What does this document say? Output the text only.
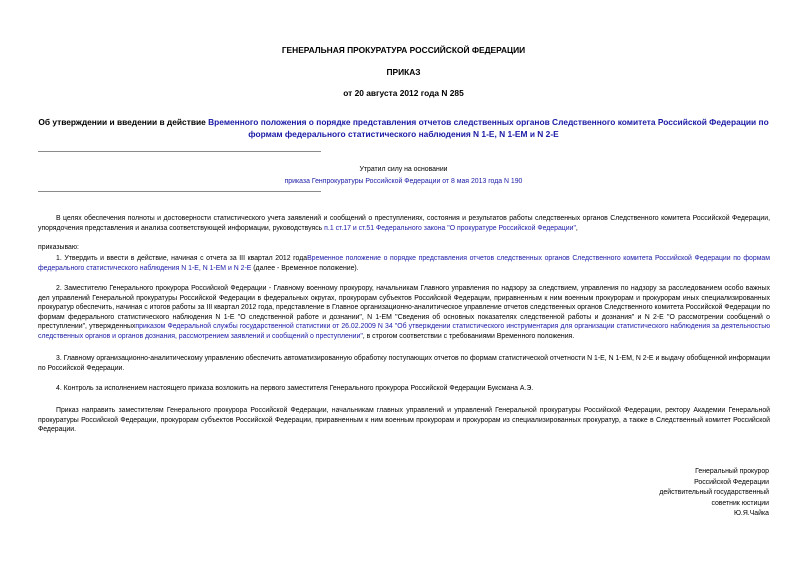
ГЕНЕРАЛЬНАЯ ПРОКУРАТУРА РОССИЙСКОЙ ФЕДЕРАЦИИ
ПРИКАЗ
от 20 августа 2012 года N 285
Об утверждении и введении в действие Временного положения о порядке представления отчетов следственных органов Следственного комитета Российской Федерации по формам федерального статистического наблюдения N 1-Е, N 1-ЕМ и N 2-Е
Утратил силу на основании
приказа Генпрокуратуры Российской Федерации от 8 мая 2013 года N 190
В целях обеспечения полноты и достоверности статистического учета заявлений и сообщений о преступлениях, состояния и результатов работы следственных органов Следственного комитета Российской Федерации, упорядочения представления и анализа соответствующей информации, руководствуясь п.1 ст.17 и ст.51 Федерального закона "О прокуратуре Российской Федерации",
приказываю:
1. Утвердить и ввести в действие, начиная с отчета за III квартал 2012 годаВременное положение о порядке представления отчетов следственных органов Следственного комитета Российской Федерации по формам федерального статистического наблюдения N 1-Е, N 1-ЕМ и N 2-Е (далее - Временное положение).
2. Заместителю Генерального прокурора Российской Федерации - Главному военному прокурору, начальникам Главного управления по надзору за следствием, управления по надзору за расследованием особо важных дел управлений Генеральной прокуратуры Российской Федерации в федеральных округах, прокурорам субъектов Российской Федерации, приравненным к ним военным прокурорам и прокурорам иных специализированных прокуратур обеспечить, начиная с итогов работы за III квартал 2012 года, представление в Главное организационно-аналитическое управление отчетов следственных органов Следственного комитета Российской Федерации по формам федерального статистического наблюдения N 1-Е "О следственной работе и дознании", N 1-ЕМ "Сведения об основных показателях следственной работы и дознания" и N 2-Е "О рассмотрении сообщений о преступлении", утвержденныхприказом Федеральной службы государственной статистики от 26.02.2009 N 34 "Об утверждении статистического инструментария для организации статистического наблюдения за деятельностью следственных органов и органов дознания, рассмотрением заявлений и сообщений о преступлении", в строгом соответствии с требованиями Временного положения.
3. Главному организационно-аналитическому управлению обеспечить автоматизированную обработку поступающих отчетов по формам статистической отчетности N 1-Е, N 1-ЕМ, N 2-Е и выдачу обобщенной информации по Российской Федерации.
4. Контроль за исполнением настоящего приказа возложить на первого заместителя Генерального прокурора Российской Федерации Буксмана А.Э.
Приказ направить заместителям Генерального прокурора Российской Федерации, начальникам главных управлений и управлений Генеральной прокуратуры Российской Федерации, ректору Академии Генеральной прокуратуры Российской Федерации, прокурорам субъектов Российской Федерации, приравненным к ним военным прокурорам и прокурорам из специализированных прокуратур, а также в Следственный комитет Российской Федерации.
Генеральный прокурор
Российской Федерации
действительный государственный
советник юстиции
Ю.Я.Чайка
